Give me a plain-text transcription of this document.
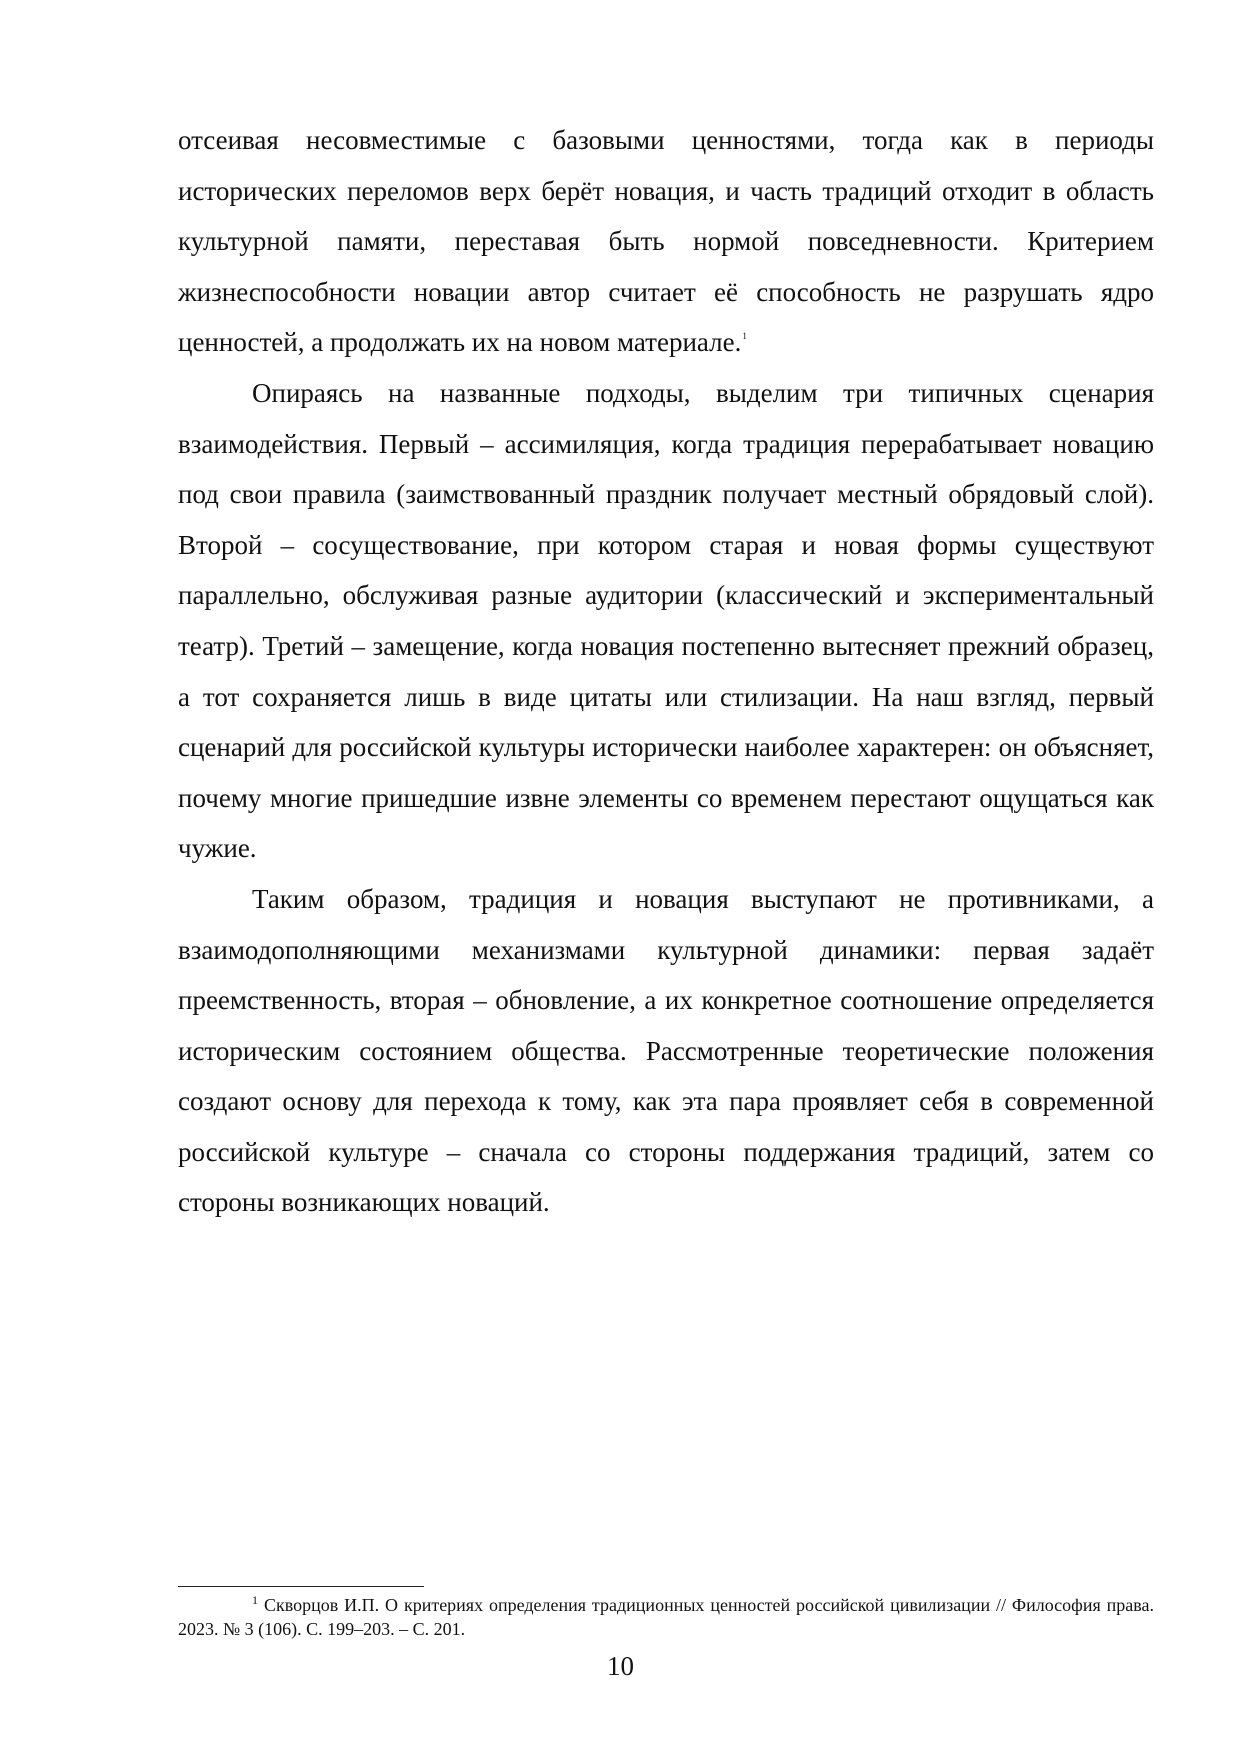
отсеивая несовместимые с базовыми ценностями, тогда как в периоды исторических переломов верх берёт новация, и часть традиций отходит в область культурной памяти, переставая быть нормой повседневности. Критерием жизнеспособности новации автор считает её способность не разрушать ядро ценностей, а продолжать их на новом материале.$^1$

Опираясь на названные подходы, выделим три типичных сценария взаимодействия. Первый – ассимиляция, когда традиция перерабатывает новацию под свои правила (заимствованный праздник получает местный обрядовый слой). Второй – сосуществование, при котором старая и новая формы существуют параллельно, обслуживая разные аудитории (классический и экспериментальный театр). Третий – замещение, когда новация постепенно вытесняет прежний образец, а тот сохраняется лишь в виде цитаты или стилизации. На наш взгляд, первый сценарий для российской культуры исторически наиболее характерен: он объясняет, почему многие пришедшие извне элементы со временем перестают ощущаться как чужие.

Таким образом, традиция и новация выступают не противниками, а взаимодополняющими механизмами культурной динамики: первая задаёт преемственность, вторая – обновление, а их конкретное соотношение определяется историческим состоянием общества. Рассмотренные теоретические положения создают основу для перехода к тому, как эта пара проявляет себя в современной российской культуре – сначала со стороны поддержания традиций, затем со стороны возникающих новаций.

$^1$ Скворцов И.П. О критериях определения традиционных ценностей российской цивилизации // Философия права. 2023. № 3 (106). С. 199–203. – С. 201.

10
